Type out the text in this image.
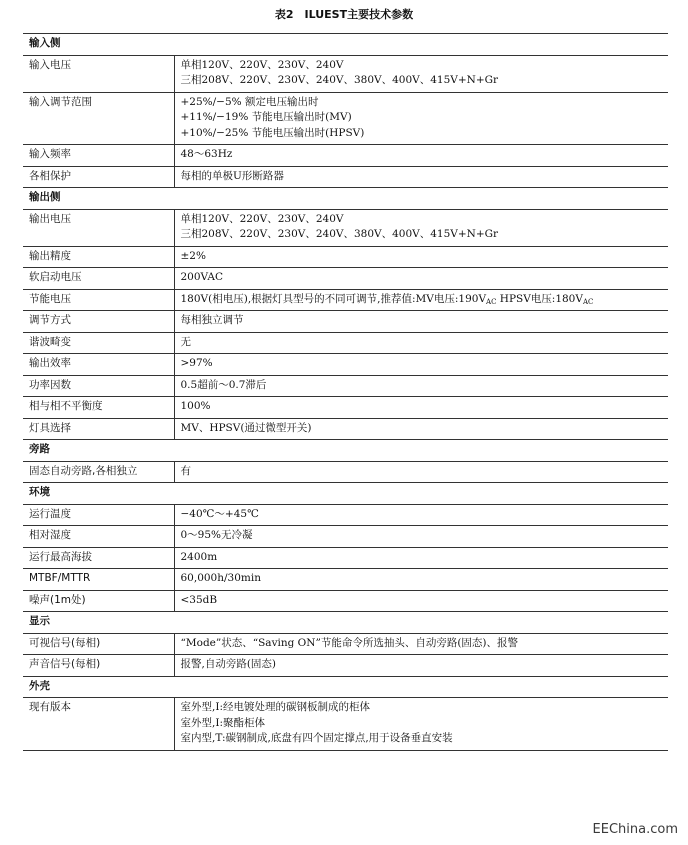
表2　ILUEST主要技术参数
输入侧	
输入电压	单相120V、220V、230V、240V
三相208V、220V、230V、240V、380V、400V、415V+N+Gr

输入调节范围	+25%/−5% 额定电压输出时
+11%/−19% 节能电压输出时(MV)
+10%/−25% 节能电压输出时(HPSV)

输入频率	48～63Hz

各相保护	每相的单极U形断路器

输出侧	
输出电压	单相120V、220V、230V、240V
三相208V、220V、230V、240V、380V、400V、415V+N+Gr

输出精度	±2%

软启动电压	200VAC

节能电压	180V(相电压),根据灯具型号的不同可调节,推荐值:MV电压$:190V_{AC}$ HPSV电压$:180V_{AC}$

调节方式	每相独立调节

谐波畸变	无

输出效率	>97%

功率因数	0.5超前～0.7滞后

相与相不平衡度	100%

灯具选择	MV、HPSV(通过微型开关)

旁路	
固态自动旁路,各相独立	有

环境	
运行温度	−40℃～+45℃

相对湿度	0～95%无冷凝

运行最高海拔	2400m

MTBF/MTTR	60,000h/30min

噪声(1m处)	<35dB

显示	
可视信号(每相)	“Mode”状态、“Saving ON”节能命令所选抽头、自动旁路(固态)、报警

声音信号(每相)	报警,自动旁路(固态)

外壳	
现有版本	室外型,I:经电镀处理的碳钢板制成的柜体
室外型,I:聚酯柜体
室内型,T:碳钢制成,底盘有四个固定撑点,用于设备垂直安装
EEChina.com
